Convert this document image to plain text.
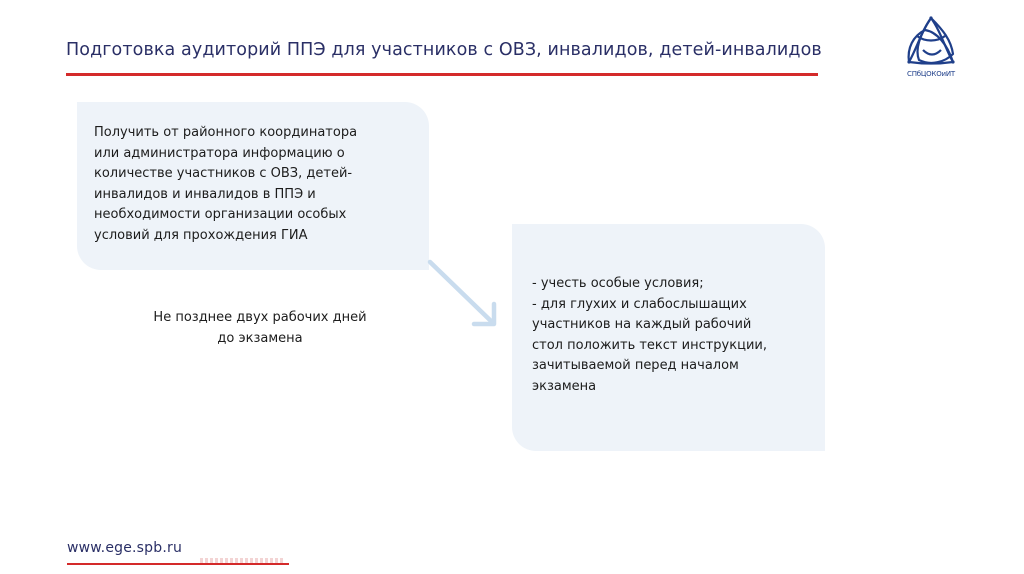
Подготовка аудиторий ППЭ для участников с ОВЗ, инвалидов, детей-инвалидов
СПбЦОКОиИТ
Получить от районного координатора
или администратора информацию о
количестве участников с ОВЗ, детей-
инвалидов и инвалидов в ППЭ и
необходимости организации особых
условий для прохождения ГИА
Не позднее двух рабочих дней
до экзамена
- учесть особые условия;
- для глухих и слабослышащих
участников на каждый рабочий
стол положить текст инструкции,
зачитываемой перед началом
экзамена
www.ege.spb.ru
